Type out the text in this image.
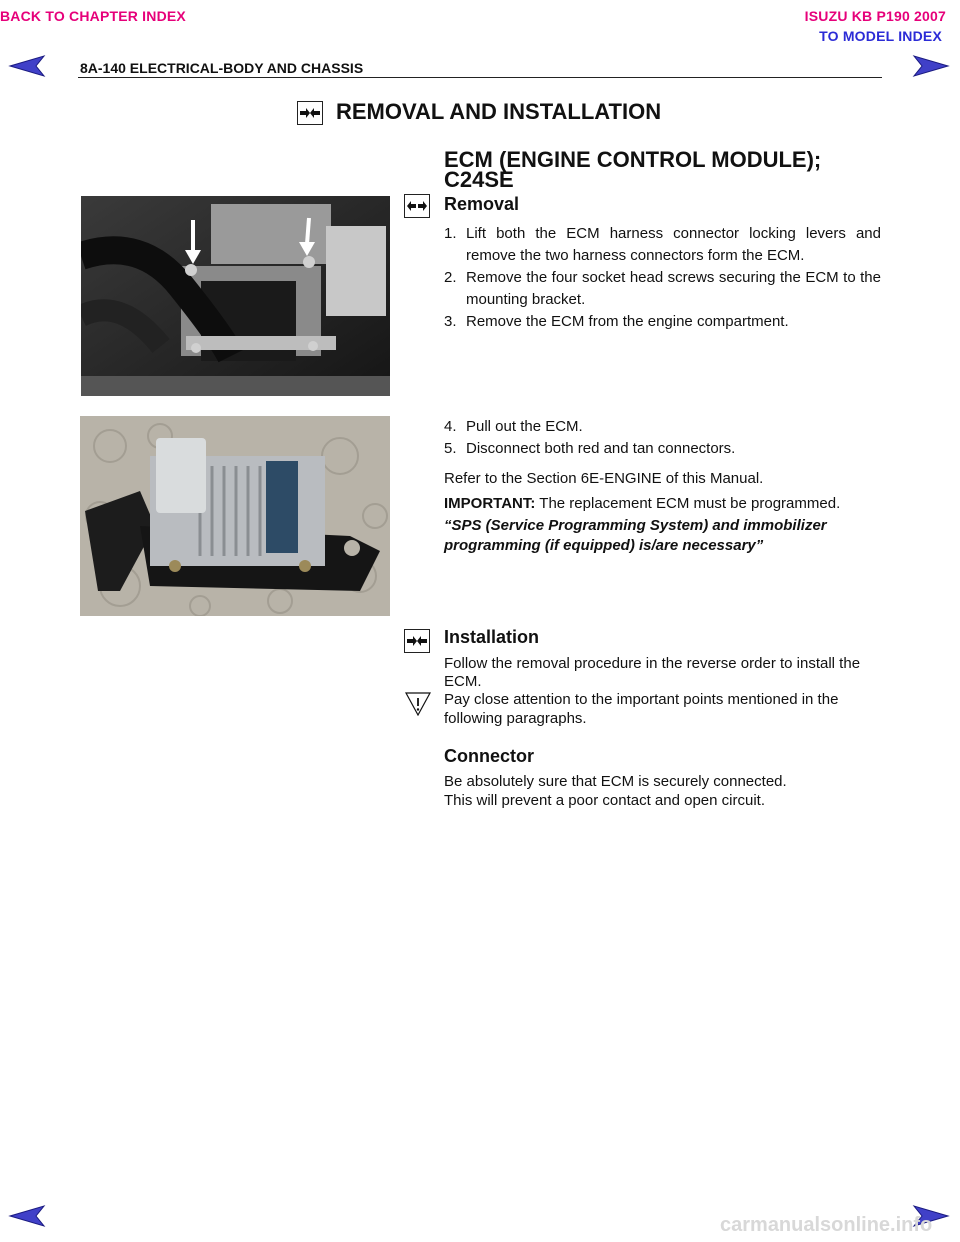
BACK TO CHAPTER INDEX	ISUZU KB P190 2007
TO MODEL INDEX
8A-140 ELECTRICAL-BODY AND CHASSIS
REMOVAL AND INSTALLATION
ECM (ENGINE CONTROL MODULE);
C24SE
Removal
1. Lift both the ECM harness connector locking levers and remove the two harness connectors form the ECM.
2. Remove the four socket head screws securing the ECM to the mounting bracket.
3. Remove the ECM from the engine compartment.
4. Pull out the ECM.
5. Disconnect both red and tan connectors.
Refer to the Section 6E-ENGINE of this Manual.
IMPORTANT: The replacement ECM must be programmed.
“SPS (Service Programming System) and immobilizer
programming (if equipped) is/are necessary”
Installation
Follow the removal procedure in the reverse order to install the
ECM.
Pay close attention to the important points mentioned in the
following paragraphs.
Connector
Be absolutely sure that ECM is securely connected.
This will prevent a poor contact and open circuit.
carmanualsonline.info
